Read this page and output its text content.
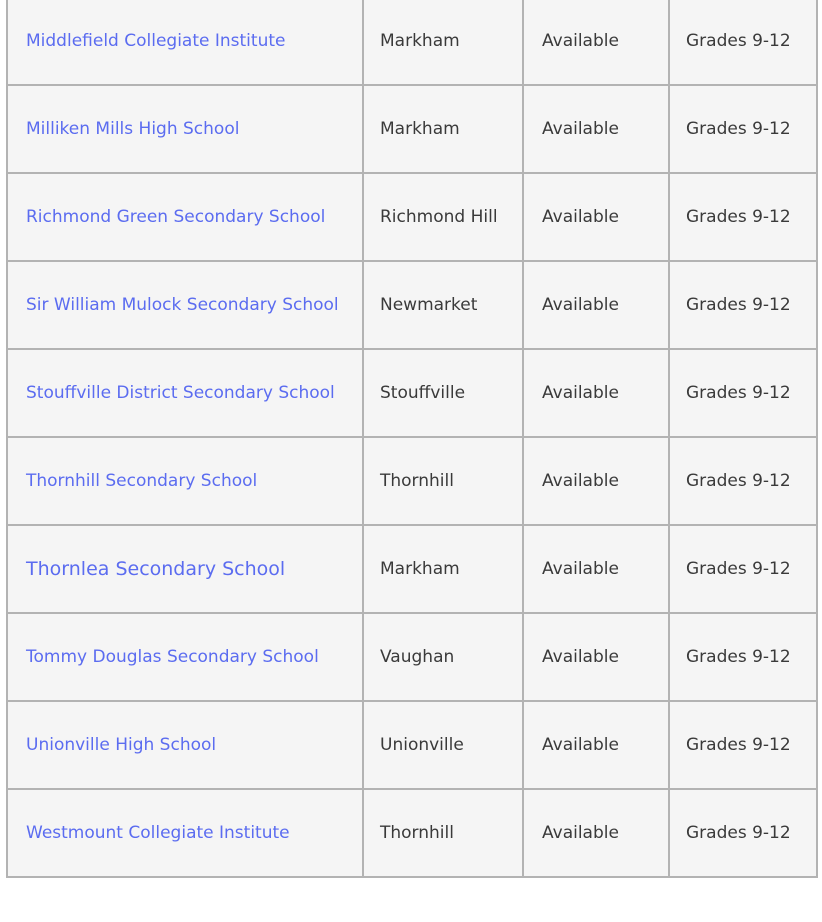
Middlefield Collegiate Institute	Markham	Available	Grades 9-12
Milliken Mills High School	Markham	Available	Grades 9-12
Richmond Green Secondary School	Richmond Hill	Available	Grades 9-12
Sir William Mulock Secondary School	Newmarket	Available	Grades 9-12
Stouffville District Secondary School	Stouffville	Available	Grades 9-12
Thornhill Secondary School	Thornhill	Available	Grades 9-12
Thornlea Secondary School	Markham	Available	Grades 9-12
Tommy Douglas Secondary School	Vaughan	Available	Grades 9-12
Unionville High School	Unionville	Available	Grades 9-12
Westmount Collegiate Institute	Thornhill	Available	Grades 9-12
